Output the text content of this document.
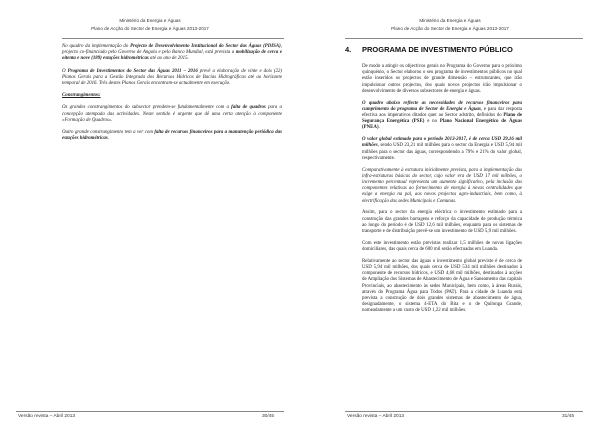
Ministério da Energia e Águas
Plano de Acção do Sector de Energia e Águas 2013-2017

No quadro da implementação do Projecto de Desenvolvimento Institucional do Sector das Águas (PDISA), projecto co-financiado pelo Governo de Angola e pelo Banco Mundial, está prevista a mobilização de cerca e oitenta e nove (189) estações hidrométricas até ao ano de 2015.

O Programa de Investimentos do Sector das Águas 2011 – 2016 prevê a elaboração de vinte e dois (22) Planos Gerais para a Gestão Integrada dos Recursos Hídricos de Bacias Hidrográficas até ao horizonte temporal de 2016. Três destes Planos Gerais encontram-se actualmente em execução.

Constrangimentos:

Os grandes constrangimentos do subsector prendem-se fundamentalmente com a falta de quadros para a concepção atempada das actividades. Neste sentido é urgente que dê uma certa atenção à componente «Formação de Quadros».

Outro grande constrangimento tem a ver com falta de recursos financeiros para a manutenção periódica das estações hidrométricas.

Versão revista – Abril 2013	30/45
Ministério da Energia e Águas
Plano de Acção do Sector de Energia e Águas 2013-2017
Versão revista – Abril 2013	31/45
4. PROGRAMA DE INVESTIMENTO PÚBLICO

De modo a atingir os objectivos gerais no Programa do Governo para o próximo quinquénio, o Sector elaborou o seu programa de investimentos públicos no qual estão inseridos os projectos de grande dimensão – estruturantes, que irão impulsionar outros projectos, dos quais novos projectos irão impulsionar o desenvolvimento de diversos subsectores de energia e águas.

O quadro abaixo reflecte as necessidades de recursos financeiros para cumprimento do programa de Sector de Energia e Águas, e para dar resposta efectiva aos imperativos ditados quer ao Sector adstrito, definidos do Plano de Segurança Energética (PSE) e no Plano Nacional Energético de Águas (PNEA).

O valor global estimado para o período 2013-2017, é de cerca USD 29,16 mil milhões, sendo USD 23,21 mil milhões para o sector da Energia e USD 5,94 mil milhões para o sector das águas, correspondendo a 79% e 21% do valor global, respectivamente.

Comparativamente à estrutura inicialmente prevista, para a implementação das infra-estruturas básicas do sector, cujo valor era de USD 17 mil milhões, o incremento percentual representa um aumento significativo, pela inclusão das componentes relativas ao fornecimento de energia à novas centralidades que exige a energia na pal, aos novos projectos agro-industriais, bem como, à electrificação das sedes Municipais e Comunas.

Assim, para o sector da energia eléctrica o investimento estimado para a construção das grandes barragens e reforço da capacidade de produção térmica ao longo do período é de USD 12,6 mil milhões, enquanto para os sistemas de transporte e de distribuição prevê-se um investimento de USD 5,9 mil milhões.

Com este investimento estão previstas realizar 1,5 milhões de novas ligações domiciliares, das quais cerca de 600 mil serão efectuadas em Luanda.

Relativamente ao sector das águas o investimento global previsto é de cerca de USD 5,94 mil milhões, dos quais cerca de USD 534 mil milhões destinados à componente de recursos hídricos, e USD 4,68 mil milhões, destinados à acções de Ampliação dos Sistemas de Abastecimento de Água e Saneamento das capitais Provinciais, ao abastecimento às sedes Municipais, bem como, à áreas Rurais, através do Programa Água para Todos (PAT). Para a cidade de Luanda está prevista a construção de dois grandes sistemas de abastecimento de água, designadamente, o sistema 4-ETA do Bita e o de Quilonga Grande, nomeadamente a um custo de USD 1,22 mil milhões.
